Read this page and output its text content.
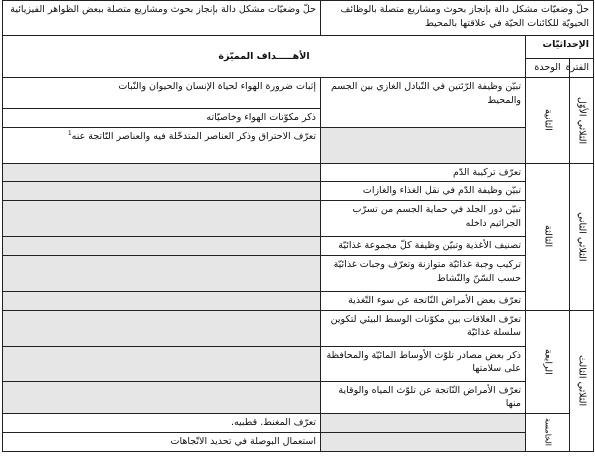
حلّ وضعيّات مشكل دالة بإنجاز بحوث ومشاريع متصلة بالوظائف الحيويّة للكائنات الحيّة في علاقتها بالمحيط			حلّ وضعيّات مشكل دالة بإنجاز بحوث ومشاريع متصلة ببعض الظواهر الفيزيائية
الإحداثيّات		الأهـــــداف المميّزة	
الفترة	الوحدة		
الثلاثي الأوّل	الثانية	تبيّن وظيفة الرّئتين في التّبادل الغازي بين الجسم والمحيط	إثبات ضرورة الهواء لحياة الإنسان والحيوان والنّبات
			ذكر مكوّنات الهواء وخاصيّاته
			تعرّف الاحتراق وذكر العناصر المتدخّلة فيه والعناصر النّاتجة عنه$^1$
الثلاثي الثاني	الثالثة	تعرّف تركيبة الدّم	
		تبيّن وظيفة الدّم في نقل الغذاء والغازات	
		تبيّن دور الجلد في حماية الجسم من تسرّب الجراثيم داخله	
		تصنيف الأغذية وتبيّن وظيفة كلّ مجموعة غذائيّة	
		تركيب وجبة غذائيّة متوازنة وتعرّف وجبات غذائيّة حسب السّنّ والنّشاط	
		تعرّف بعض الأمراض النّاتجة عن سوء التّغذية	
الثلاثي الثالث	الرابعة	تعرّف العلاقات بين مكوّنات الوسط البيئي لتكوين سلسلة غذائيّة	
		ذكر بعض مصادر تلوّث الأوساط المائيّة والمحافظة على سلامتها	
		تعرّف الأمراض النّاتجة عن تلوّث المياه والوقاية منها	
	الخامسة		تعرّف المغنط. قطبيه.
			استعمال البوصلة في تحديد الاتّجاهات
